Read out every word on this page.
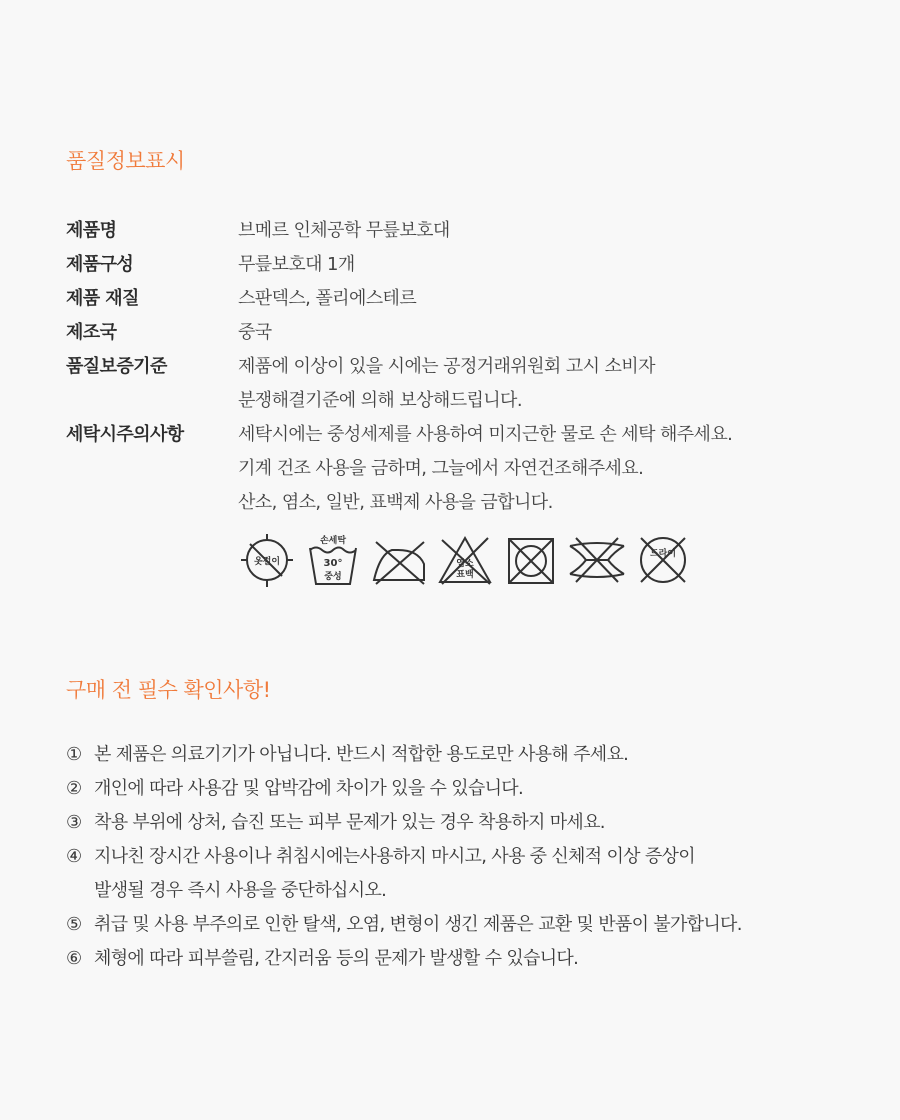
품질정보표시
제품명	브메르 인체공학 무릎보호대
제품구성	무릎보호대 1개
제품 재질	스판덱스, 폴리에스테르
제조국	중국
품질보증기준	제품에 이상이 있을 시에는 공정거래위원회 고시 소비자
분쟁해결기준에 의해 보상해드립니다.
세탁시주의사항	세탁시에는 중성세제를 사용하여 미지근한 물로 손 세탁 해주세요.
기계 건조 사용을 금하며, 그늘에서 자연건조해주세요.
산소, 염소, 일반, 표백제 사용을 금합니다.
옷걸이
손세탁
30°
중성
염소
표백
드라이
구매 전 필수 확인사항!
① 본 제품은 의료기기가 아닙니다. 반드시 적합한 용도로만 사용해 주세요.
② 개인에 따라 사용감 및 압박감에 차이가 있을 수 있습니다.
③ 착용 부위에 상처, 습진 또는 피부 문제가 있는 경우 착용하지 마세요.
④ 지나친 장시간 사용이나 취침시에는사용하지 마시고, 사용 중 신체적 이상 증상이
발생될 경우 즉시 사용을 중단하십시오.
⑤ 취급 및 사용 부주의로 인한 탈색, 오염, 변형이 생긴 제품은 교환 및 반품이 불가합니다.
⑥ 체형에 따라 피부쓸림, 간지러움 등의 문제가 발생할 수 있습니다.
